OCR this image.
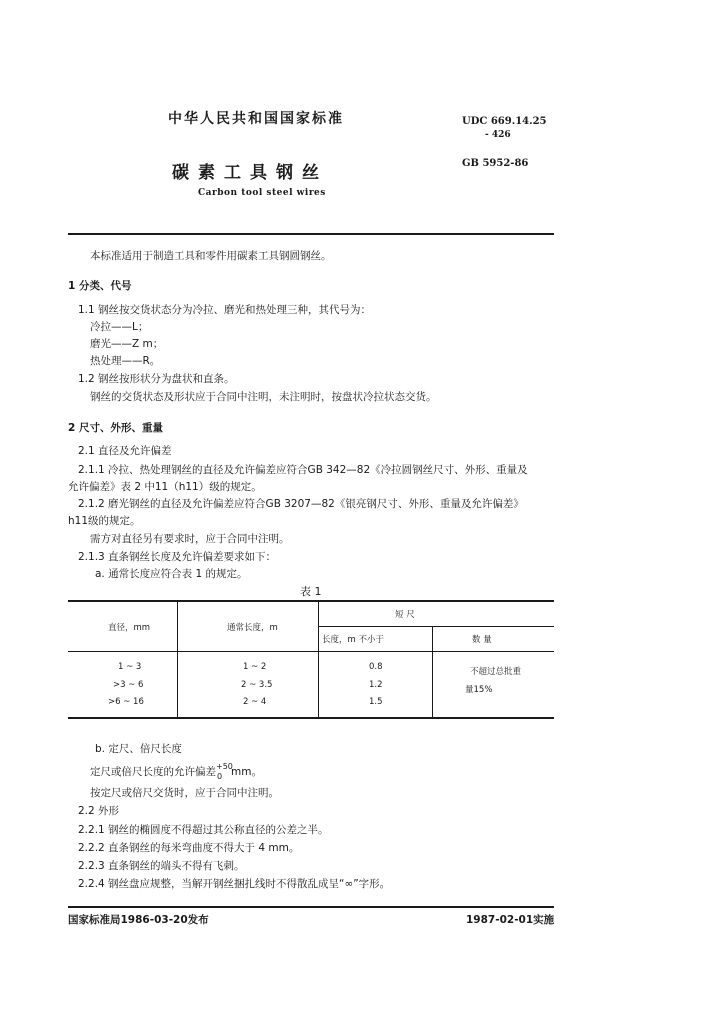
中华人民共和国国家标准
碳素工具钢丝
Carbon tool steel wires
UDC 669.14.25
- 426
GB 5952-86
本标准适用于制造工具和零件用碳素工具钢圆钢丝。
1 分类、代号
1.1 钢丝按交货状态分为冷拉、磨光和热处理三种，其代号为：
冷拉——L；
磨光——Z m；
热处理——R。
1.2 钢丝按形状分为盘状和直条。
钢丝的交货状态及形状应于合同中注明，未注明时，按盘状冷拉状态交货。
2 尺寸、外形、重量
2.1 直径及允许偏差
2.1.1 冷拉、热处理钢丝的直径及允许偏差应符合GB 342—82《冷拉圆钢丝尺寸、外形、重量及
允许偏差》表 2 中11（h11）级的规定。
2.1.2 磨光钢丝的直径及允许偏差应符合GB 3207—82《银亮钢尺寸、外形、重量及允许偏差》
h11级的规定。
需方对直径另有要求时，应于合同中注明。
2.1.3 直条钢丝长度及允许偏差要求如下：
a. 通常长度应符合表 1 的规定。
表 1
直径，mm	通常长度，m
短 尺
长度，m 不小于	数 量
1 ~ 3	1 ~ 2	0.8
>3 ~ 6	2 ~ 3.5	1.2
>6 ~ 16	2 ~ 4	1.5
不超过总批重
量15%
b. 定尺、倍尺长度
定尺或倍尺长度的允许偏差 +50
0 mm。
按定尺或倍尺交货时，应于合同中注明。
2.2 外形
2.2.1 钢丝的椭圆度不得超过其公称直径的公差之半。
2.2.2 直条钢丝的每米弯曲度不得大于 4 mm。
2.2.3 直条钢丝的端头不得有飞刺。
2.2.4 钢丝盘应规整，当解开钢丝捆扎线时不得散乱成呈“∞”字形。
国家标准局1986-03-20发布	1987-02-01实施
